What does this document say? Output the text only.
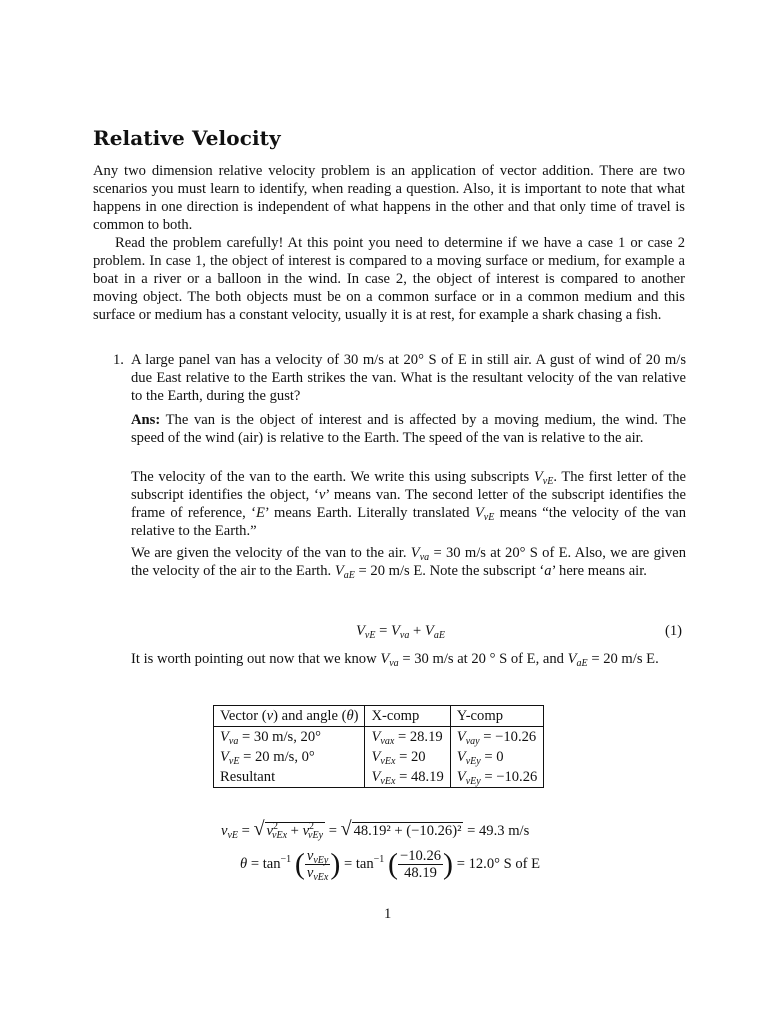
Relative Velocity

Any two dimension relative velocity problem is an application of vector addition. There are two scenarios you must learn to identify, when reading a question. Also, it is important to note that what happens in one direction is independent of what happens in the other and that only time of travel is common to both.

Read the problem carefully! At this point you need to determine if we have a case 1 or case 2 problem. In case 1, the object of interest is compared to a moving surface or medium, for example a boat in a river or a balloon in the wind. In case 2, the object of interest is compared to another moving object. The both objects must be on a common surface or in a common medium and this surface or medium has a constant velocity, usually it is at rest, for example a shark chasing a fish.

1. A large panel van has a velocity of 30 m/s at 20° S of E in still air. A gust of wind of 20 m/s due East relative to the Earth strikes the van. What is the resultant velocity of the van relative to the Earth, during the gust?

Ans: The van is the object of interest and is affected by a moving medium, the wind. The speed of the wind (air) is relative to the Earth. The speed of the van is relative to the air.

The velocity of the van to the earth. We write this using subscripts $V_{vE}$. The first letter of the subscript identifies the object, ‘v’ means van. The second letter of the subscript identifies the frame of reference, ‘E’ means Earth. Literally translated $V_{vE}$ means “the velocity of the van relative to the Earth.”

We are given the velocity of the van to the air. $V_{va} = 30$ m/s at 20° S of E. Also, we are given the velocity of the air to the Earth. $V_{aE} = 20$ m/s E. Note the subscript ‘a’ here means air.

$V_{vE} = V_{va} + V_{aE}$	(1)

It is worth pointing out now that we know $V_{va} = 30$ m/s at 20 ° S of E, and $V_{aE} = 20$ m/s E.

Vector (v) and angle (θ)	X-comp	Y-comp
$V_{va} = 30$ m/s, 20°	$V_{vax} = 28.19$	$V_{vay} = -10.26$
$V_{vE} = 20$ m/s, 0°	$V_{vEx} = 20$	$V_{vEy} = 0$
Resultant	$V_{vEx} = 48.19$	$V_{vEy} = -10.26$
$v_{vE}$ = √ $v^2_{vEx} + v^2_{vEy}$ = √ 48.19² + (−10.26)² = 49.3 m/s
$\theta = \tan^{-1}$ ( $\frac{v_{vEy}}{v_{vEx}}$ ) = $\tan^{-1}$ ( $\frac{-10.26}{48.19}$ ) = 12.0° S of E
1
